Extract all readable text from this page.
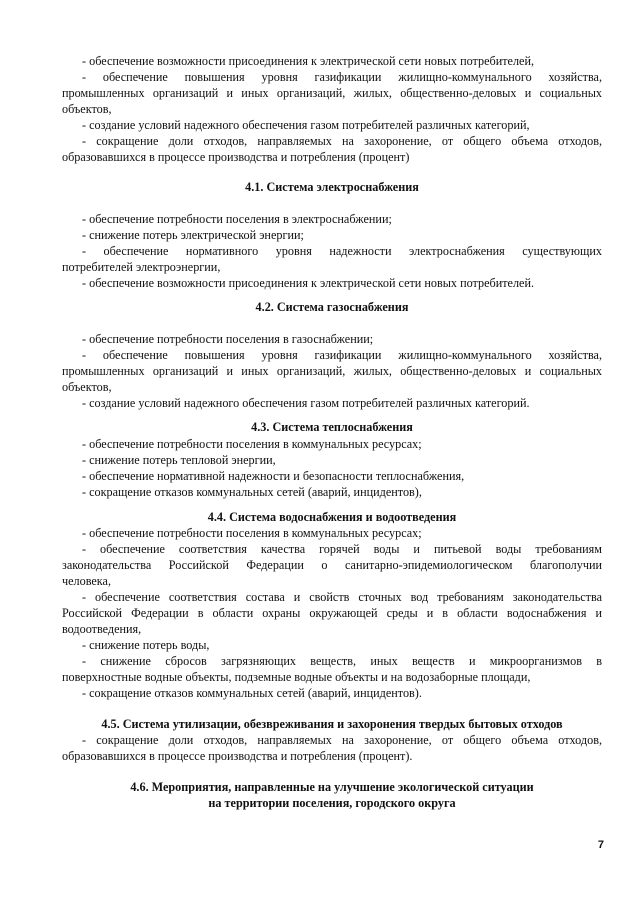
- обеспечение возможности присоединения к электрической сети новых потребителей,
- обеспечение повышения уровня газификации жилищно-коммунального хозяйства,
промышленных организаций и иных организаций, жилых, общественно-деловых и социальных
объектов,
- создание условий надежного обеспечения газом потребителей различных категорий,
- сокращение доли отходов, направляемых на захоронение, от общего объема отходов,
образовавшихся в процессе производства и потребления (процент)
4.1. Система электроснабжения
- обеспечение потребности поселения в электроснабжении;
- снижение потерь электрической энергии;
- обеспечение нормативного уровня надежности электроснабжения существующих
потребителей электроэнергии,
- обеспечение возможности присоединения к электрической сети новых потребителей.
4.2. Система газоснабжения
- обеспечение потребности поселения в газоснабжении;
- обеспечение повышения уровня газификации жилищно-коммунального хозяйства,
промышленных организаций и иных организаций, жилых, общественно-деловых и социальных
объектов,
- создание условий надежного обеспечения газом потребителей различных категорий.
4.3. Система теплоснабжения
- обеспечение потребности поселения в коммунальных ресурсах;
- снижение потерь тепловой энергии,
- обеспечение нормативной надежности и безопасности теплоснабжения,
- сокращение отказов коммунальных сетей (аварий, инцидентов),
4.4. Система водоснабжения и водоотведения
- обеспечение потребности поселения в коммунальных ресурсах;
- обеспечение соответствия качества горячей воды и питьевой воды требованиям
законодательства Российской Федерации о санитарно-эпидемиологическом благополучии
человека,
- обеспечение соответствия состава и свойств сточных вод требованиям законодательства
Российской Федерации в области охраны окружающей среды и в области водоснабжения и
водоотведения,
- снижение потерь воды,
- снижение сбросов загрязняющих веществ, иных веществ и микроорганизмов в
поверхностные водные объекты, подземные водные объекты и на водозаборные площади,
- сокращение отказов коммунальных сетей (аварий, инцидентов).
4.5. Система утилизации, обезвреживания и захоронения твердых бытовых отходов
- сокращение доли отходов, направляемых на захоронение, от общего объема отходов,
образовавшихся в процессе производства и потребления (процент).
4.6. Мероприятия, направленные на улучшение экологической ситуации
на территории поселения, городского округа
7
